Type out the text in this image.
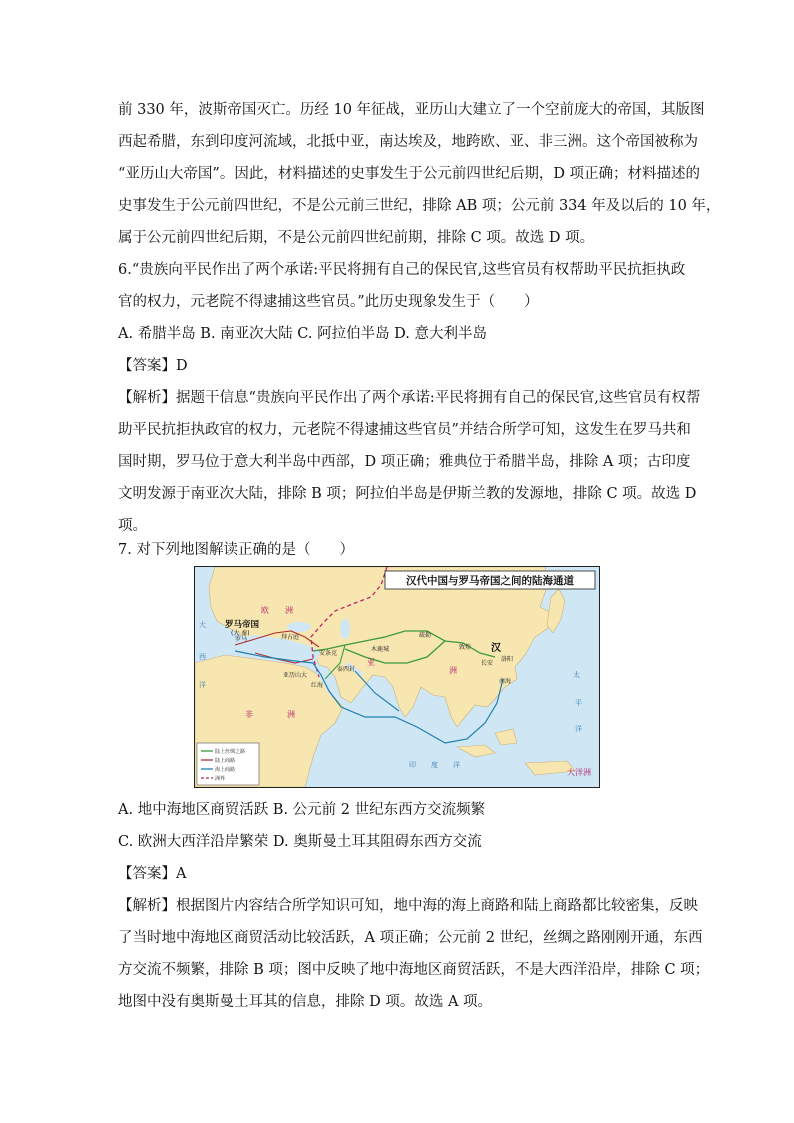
前 330 年，波斯帝国灭亡。历经 10 年征战，亚历山大建立了一个空前庞大的帝国，其版图
西起希腊，东到印度河流域，北抵中亚，南达埃及，地跨欧、亚、非三洲。这个帝国被称为
“亚历山大帝国”。因此，材料描述的史事发生于公元前四世纪后期，D 项正确；材料描述的
史事发生于公元前四世纪，不是公元前三世纪，排除 AB 项；公元前 334 年及以后的 10 年，
属于公元前四世纪后期，不是公元前四世纪前期，排除 C 项。故选 D 项。
6.“贵族向平民作出了两个承诺:平民将拥有自己的保民官,这些官员有权帮助平民抗拒执政
官的权力，元老院不得逮捕这些官员。”此历史现象发生于（　　）
A. 希腊半岛 B. 南亚次大陆 C. 阿拉伯半岛 D. 意大利半岛
【答案】D
【解析】据题干信息“贵族向平民作出了两个承诺:平民将拥有自己的保民官,这些官员有权帮
助平民抗拒执政官的权力，元老院不得逮捕这些官员”并结合所学可知，这发生在罗马共和
国时期，罗马位于意大利半岛中西部，D 项正确；雅典位于希腊半岛，排除 A 项；古印度
文明发源于南亚次大陆，排除 B 项；阿拉伯半岛是伊斯兰教的发源地，排除 C 项。故选 D
项。
7. 对下列地图解读正确的是（　　）
汉代中国与罗马帝国之间的陆海通道
欧 洲
亚
洲
非	洲
大洋洲
汉
罗马帝国
(大 秦)
罗马	拜占庭
安条克
泰西封
亚历山大
木鹿城
疏勒
敦煌
长安
洛阳
南海
红海
大
西
洋
印 度 洋
太
平
洋
陆上丝绸之路
陆上商路
海上商路
洲界
A. 地中海地区商贸活跃 B. 公元前 2 世纪东西方交流频繁
C. 欧洲大西洋沿岸繁荣 D. 奥斯曼土耳其阻碍东西方交流
【答案】A
【解析】根据图片内容结合所学知识可知，地中海的海上商路和陆上商路都比较密集，反映
了当时地中海地区商贸活动比较活跃，A 项正确；公元前 2 世纪，丝绸之路刚刚开通，东西
方交流不频繁，排除 B 项；图中反映了地中海地区商贸活跃，不是大西洋沿岸，排除 C 项；
地图中没有奥斯曼土耳其的信息，排除 D 项。故选 A 项。
